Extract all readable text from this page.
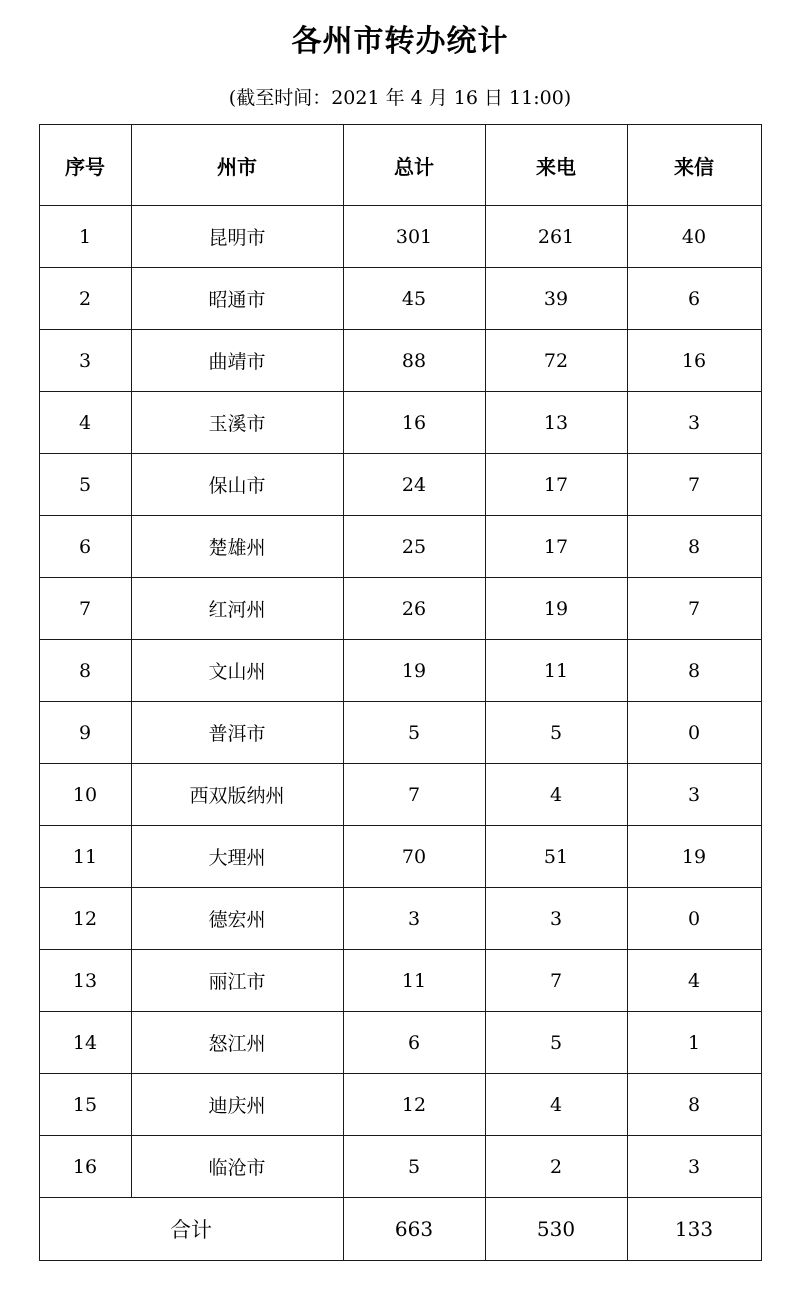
各州市转办统计
(截至时间：2021 年 4 月 16 日 11:00)
序号	州市	总计	来电	来信
1	昆明市	301	261	40
2	昭通市	45	39	6
3	曲靖市	88	72	16
4	玉溪市	16	13	3
5	保山市	24	17	7
6	楚雄州	25	17	8
7	红河州	26	19	7
8	文山州	19	11	8
9	普洱市	5	5	0
10	西双版纳州	7	4	3
11	大理州	70	51	19
12	德宏州	3	3	0
13	丽江市	11	7	4
14	怒江州	6	5	1
15	迪庆州	12	4	8
16	临沧市	5	2	3
合计		663	530	133
